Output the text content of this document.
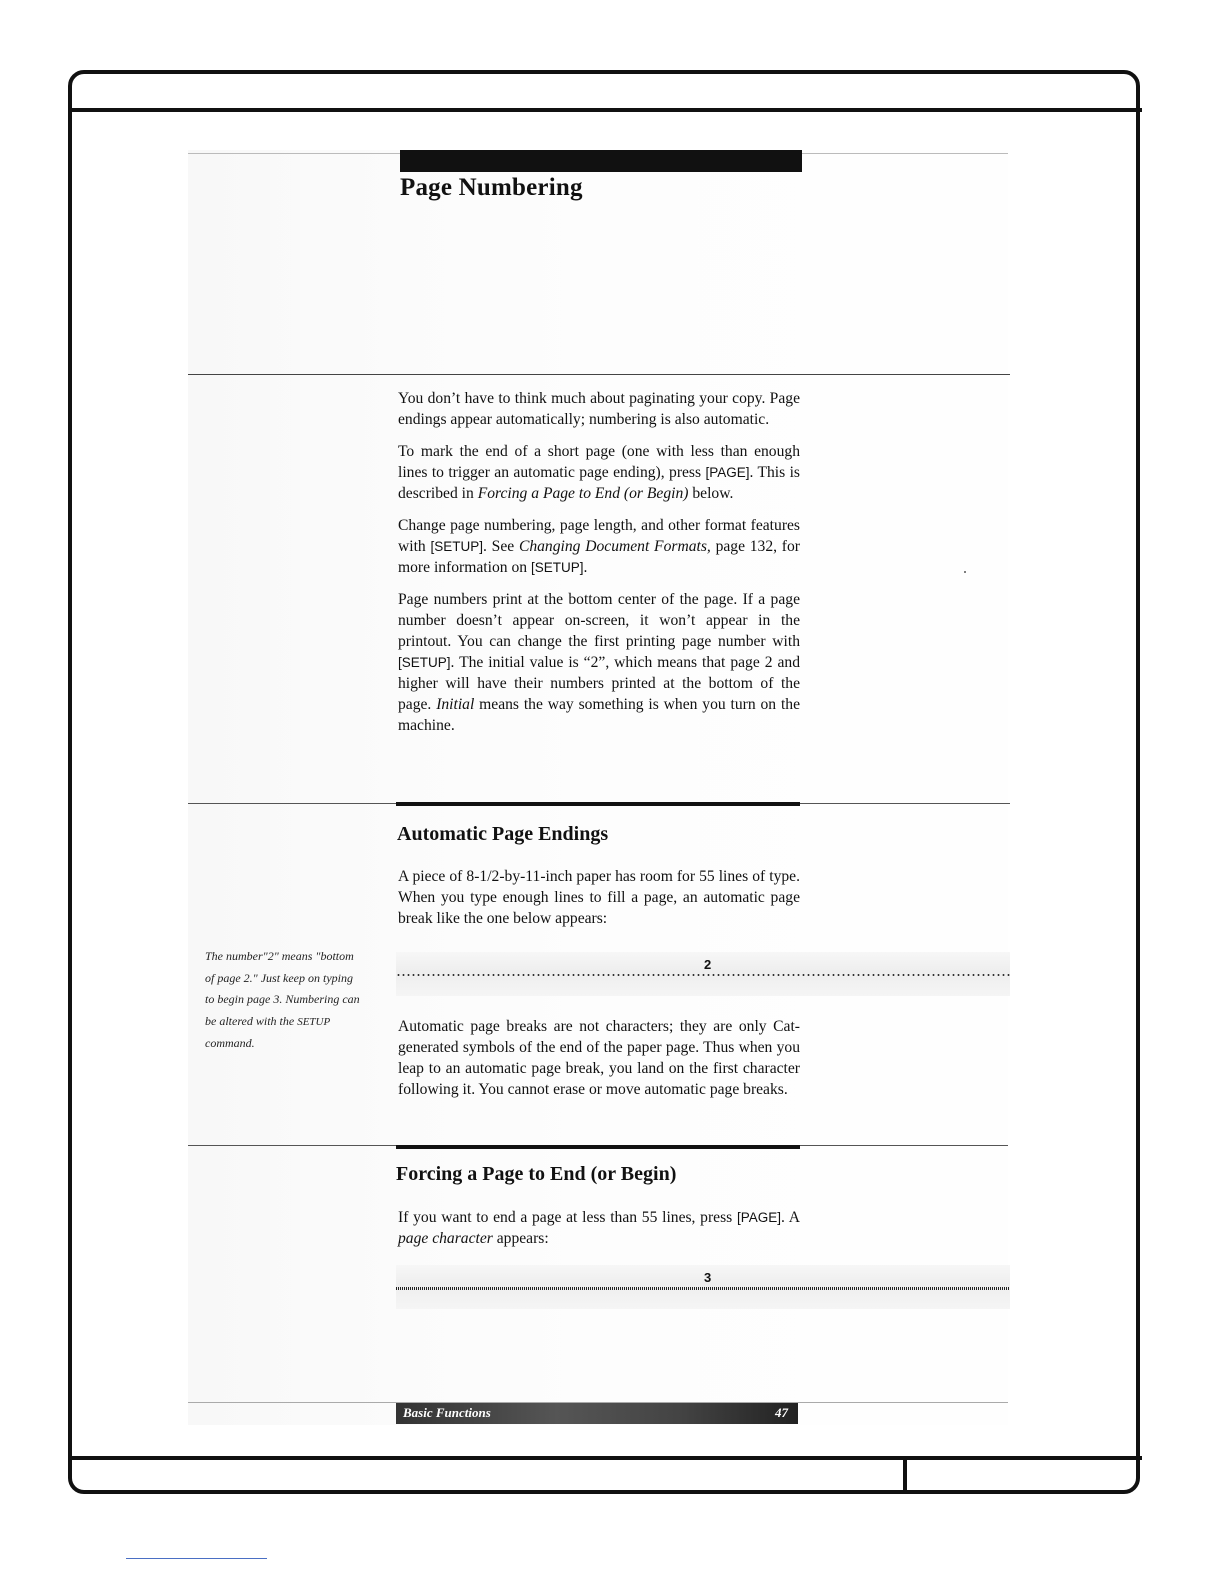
Page Numbering

You don’t have to think much about paginating your copy. Page endings appear automatically; numbering is also automatic.

To mark the end of a short page (one with less than enough lines to trigger an automatic page ending), press [PAGE]. This is described in Forcing a Page to End (or Begin) below.

Change page numbering, page length, and other format features with [SETUP]. See Changing Document Formats, page 132, for more information on [SETUP].

Page numbers print at the bottom center of the page. If a page number doesn’t appear on-screen, it won’t appear in the printout. You can change the first printing page number with [SETUP]. The initial value is “2”, which means that page 2 and higher will have their numbers printed at the bottom of the page. Initial means the way something is when you turn on the machine.

Automatic Page Endings

A piece of 8-1/2-by-11-inch paper has room for 55 lines of type. When you type enough lines to fill a page, an automatic page break like the one below appears:

The number"2" means "bottom of page 2." Just keep on typing to begin page 3. Numbering can be altered with the SETUP command.
2

Automatic page breaks are not characters; they are only Cat-generated symbols of the end of the paper page. Thus when you leap to an automatic page break, you land on the first character following it. You cannot erase or move automatic page breaks.

Forcing a Page to End (or Begin)

If you want to end a page at less than 55 lines, press [PAGE]. A page character appears:

3
Basic Functions	47
